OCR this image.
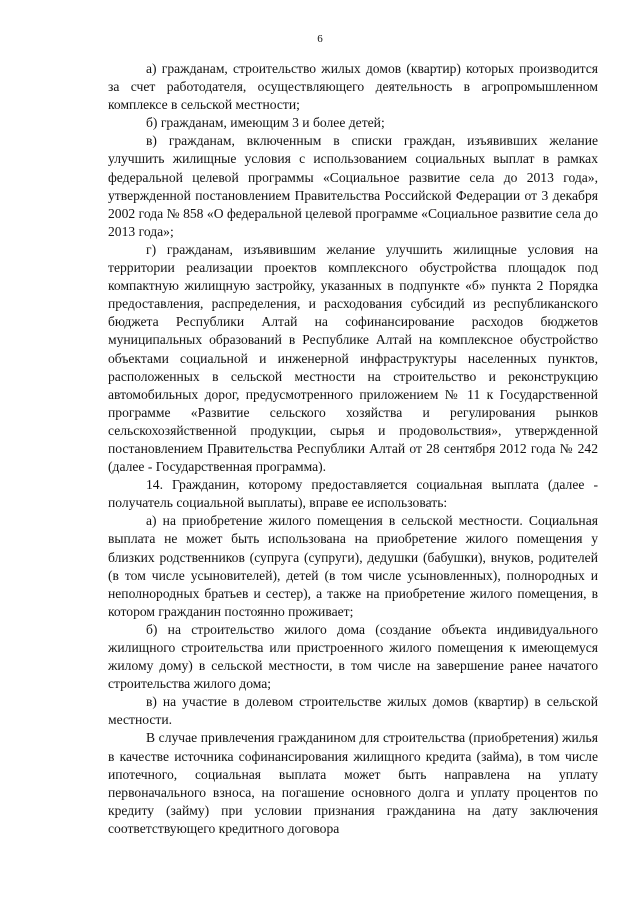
6

а) гражданам, строительство жилых домов (квартир) которых производится за счет работодателя, осуществляющего деятельность в агропромышленном комплексе в сельской местности;

б) гражданам, имеющим 3 и более детей;

в) гражданам, включенным в списки граждан, изъявивших желание улучшить жилищные условия с использованием социальных выплат в рамках федеральной целевой программы «Социальное развитие села до 2013 года», утвержденной постановлением Правительства Российской Федерации от 3 декабря 2002 года № 858 «О федеральной целевой программе «Социальное развитие села до 2013 года»;

г) гражданам, изъявившим желание улучшить жилищные условия на территории реализации проектов комплексного обустройства площадок под компактную жилищную застройку, указанных в подпункте «б» пункта 2 Порядка предоставления, распределения, и расходования субсидий из республиканского бюджета Республики Алтай на софинансирование расходов бюджетов муниципальных образований в Республике Алтай на комплексное обустройство объектами социальной и инженерной инфраструктуры населенных пунктов, расположенных в сельской местности на строительство и реконструкцию автомобильных дорог, предусмотренного приложением № 11 к Государственной программе «Развитие сельского хозяйства и регулирования рынков сельскохозяйственной продукции, сырья и продовольствия», утвержденной постановлением Правительства Республики Алтай от 28 сентября 2012 года № 242 (далее - Государственная программа).

14. Гражданин, которому предоставляется социальная выплата (далее - получатель социальной выплаты), вправе ее использовать:

а) на приобретение жилого помещения в сельской местности. Социальная выплата не может быть использована на приобретение жилого помещения у близких родственников (супруга (супруги), дедушки (бабушки), внуков, родителей (в том числе усыновителей), детей (в том числе усыновленных), полнородных и неполнородных братьев и сестер), а также на приобретение жилого помещения, в котором гражданин постоянно проживает;

б) на строительство жилого дома (создание объекта индивидуального жилищного строительства или пристроенного жилого помещения к имеющемуся жилому дому) в сельской местности, в том числе на завершение ранее начатого строительства жилого дома;

в) на участие в долевом строительстве жилых домов (квартир) в сельской местности.

В случае привлечения гражданином для строительства (приобретения) жилья в качестве источника софинансирования жилищного кредита (займа), в том числе ипотечного, социальная выплата может быть направлена на уплату первоначального взноса, на погашение основного долга и уплату процентов по кредиту (займу) при условии признания гражданина на дату заключения соответствующего кредитного договора
